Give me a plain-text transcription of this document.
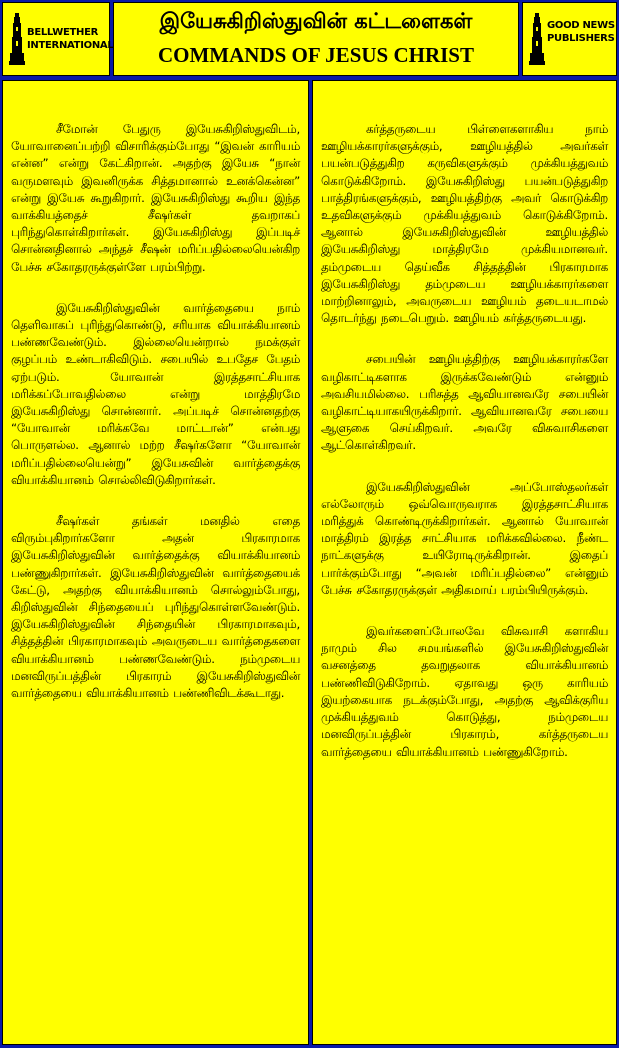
BELLWETHER
INTERNATIONAL
இயேசுகிறிஸ்துவின் கட்டளைகள்
COMMANDS OF JESUS CHRIST
GOOD NEWS
PUBLISHERS

சீமோன் பேதுரு இயேசுகிறிஸ்துவிடம், யோவானைப்பற்றி விசாரிக்கும்போது “இவன் காரியம் என்ன” என்று கேட்கிறான். அதற்கு இயேசு “நான் வருமளவும் இவனிருக்க சித்தமானால் உனக்கென்ன” என்று இயேசு கூறுகிறார். இயேசுகிறிஸ்து கூறிய இந்த வாக்கியத்தைச் சீஷர்கள் தவறாகப் புரிந்துகொள்கிறார்கள். இயேசுகிறிஸ்து இப்படிச் சொன்னதினால் அந்தச் சீஷன் மரிப்பதில்லையென்கிற பேச்சு சகோதரருக்குள்ளே பரம்பிற்று.

இயேசுகிறிஸ்துவின் வார்த்தையை நாம் தெளிவாகப் புரிந்துகொண்டு, சரியாக வியாக்கியானம் பண்ணவேண்டும். இல்லையென்றால் நமக்குள் குழப்பம் உண்டாகிவிடும். சபையில் உபதேச பேதம் ஏற்படும். யோவான் இரத்தசாட்சியாக மரிக்கப்போவதில்லை என்று மாத்திரமே இயேசுகிறிஸ்து சொன்னார். அப்படிச் சொன்னதற்கு “யோவான் மரிக்கவே மாட்டான்” என்பது பொருளல்ல. ஆனால் மற்ற சீஷர்களோ “யோவான் மரிப்பதில்லையென்று” இயேசுவின் வார்த்தைக்கு வியாக்கியானம் சொல்லிவிடுகிறார்கள்.

சீஷர்கள் தங்கள் மனதில் எதை விரும்புகிறார்களோ அதன் பிரகாரமாக இயேசுகிறிஸ்துவின் வார்த்தைக்கு வியாக்கியானம் பண்ணுகிறார்கள். இயேசுகிறிஸ்துவின் வார்த்தையைக் கேட்டு, அதற்கு வியாக்கியானம் சொல்லும்போது, கிறிஸ்துவின் சிந்தையைப் புரிந்துகொள்ளவேண்டும். இயேசுகிறிஸ்துவின் சிந்தையின் பிரகாரமாகவும், சித்தத்தின் பிரகாரமாகவும் அவருடைய வார்த்தைகளை வியாக்கியானம் பண்ணவேண்டும். நம்முடைய மனவிருப்பத்தின் பிரகாரம் இயேசுகிறிஸ்துவின் வார்த்தையை வியாக்கியானம் பண்ணிவிடக்கூடாது.

கர்த்தருடைய பிள்ளைகளாகிய நாம் ஊழியக்காரர்களுக்கும், ஊழியத்தில் அவர்கள் பயன்படுத்துகிற கருவிகளுக்கும் முக்கியத்துவம் கொடுக்கிறோம். இயேசுகிறிஸ்து பயன்படுத்துகிற பாத்திரங்களுக்கும், ஊழியத்திற்கு அவர் கொடுக்கிற உதவிகளுக்கும் முக்கியத்துவம் கொடுக்கிறோம். ஆனால் இயேசுகிறிஸ்துவின் ஊழியத்தில் இயேசுகிறிஸ்து மாத்திரமே முக்கியமானவர். தம்முடைய தெய்வீக சித்தத்தின் பிரகாரமாக இயேசுகிறிஸ்து தம்முடைய ஊழியக்காரர்களை மாற்றினாலும், அவருடைய ஊழியம் தடையடாமல் தொடர்ந்து நடைபெறும். ஊழியம் கர்த்தருடையது.

சபையின் ஊழியத்திற்கு ஊழியக்காரர்களே வழிகாட்டிகளாக இருக்கவேண்டும் என்னும் அவசியமில்லை. பரிசுத்த ஆவியானவரே சபையின் வழிகாட்டியாகயிருக்கிறார். ஆவியானவரே சபையை ஆளுகை செய்கிறவர். அவரே விசுவாசிகளை ஆட்கொள்கிறவர்.

இயேசுகிறிஸ்துவின் அப்போஸ்தலர்கள் எல்லோரும் ஒவ்வொருவராக இரத்தசாட்சியாக மரித்துக் கொண்டிருக்கிறார்கள். ஆனால் யோவான் மாத்திரம் இரத்த சாட்சியாக மரிக்கவில்லை. நீண்ட நாட்களுக்கு உயிரோடிருக்கிறான். இதைப் பார்க்கும்போது “அவன் மரிப்பதில்லை” என்னும் பேச்சு சகோதரருக்குள் அதிகமாய் பரம்பியிருக்கும்.

இவர்களைப்போலவே விசுவாசி களாகிய நாமும் சில சமயங்களில் இயேசுகிறிஸ்துவின் வசனத்தை தவறுதலாக வியாக்கியானம் பண்ணிவிடுகிறோம். ஏதாவது ஒரு காரியம் இயற்கையாக நடக்கும்போது, அதற்கு ஆவிக்குரிய முக்கியத்துவம் கொடுத்து, நம்முடைய மனவிருப்பத்தின் பிரகாரம், கர்த்தருடைய வார்த்தையை வியாக்கியானம் பண்ணுகிறோம்.
